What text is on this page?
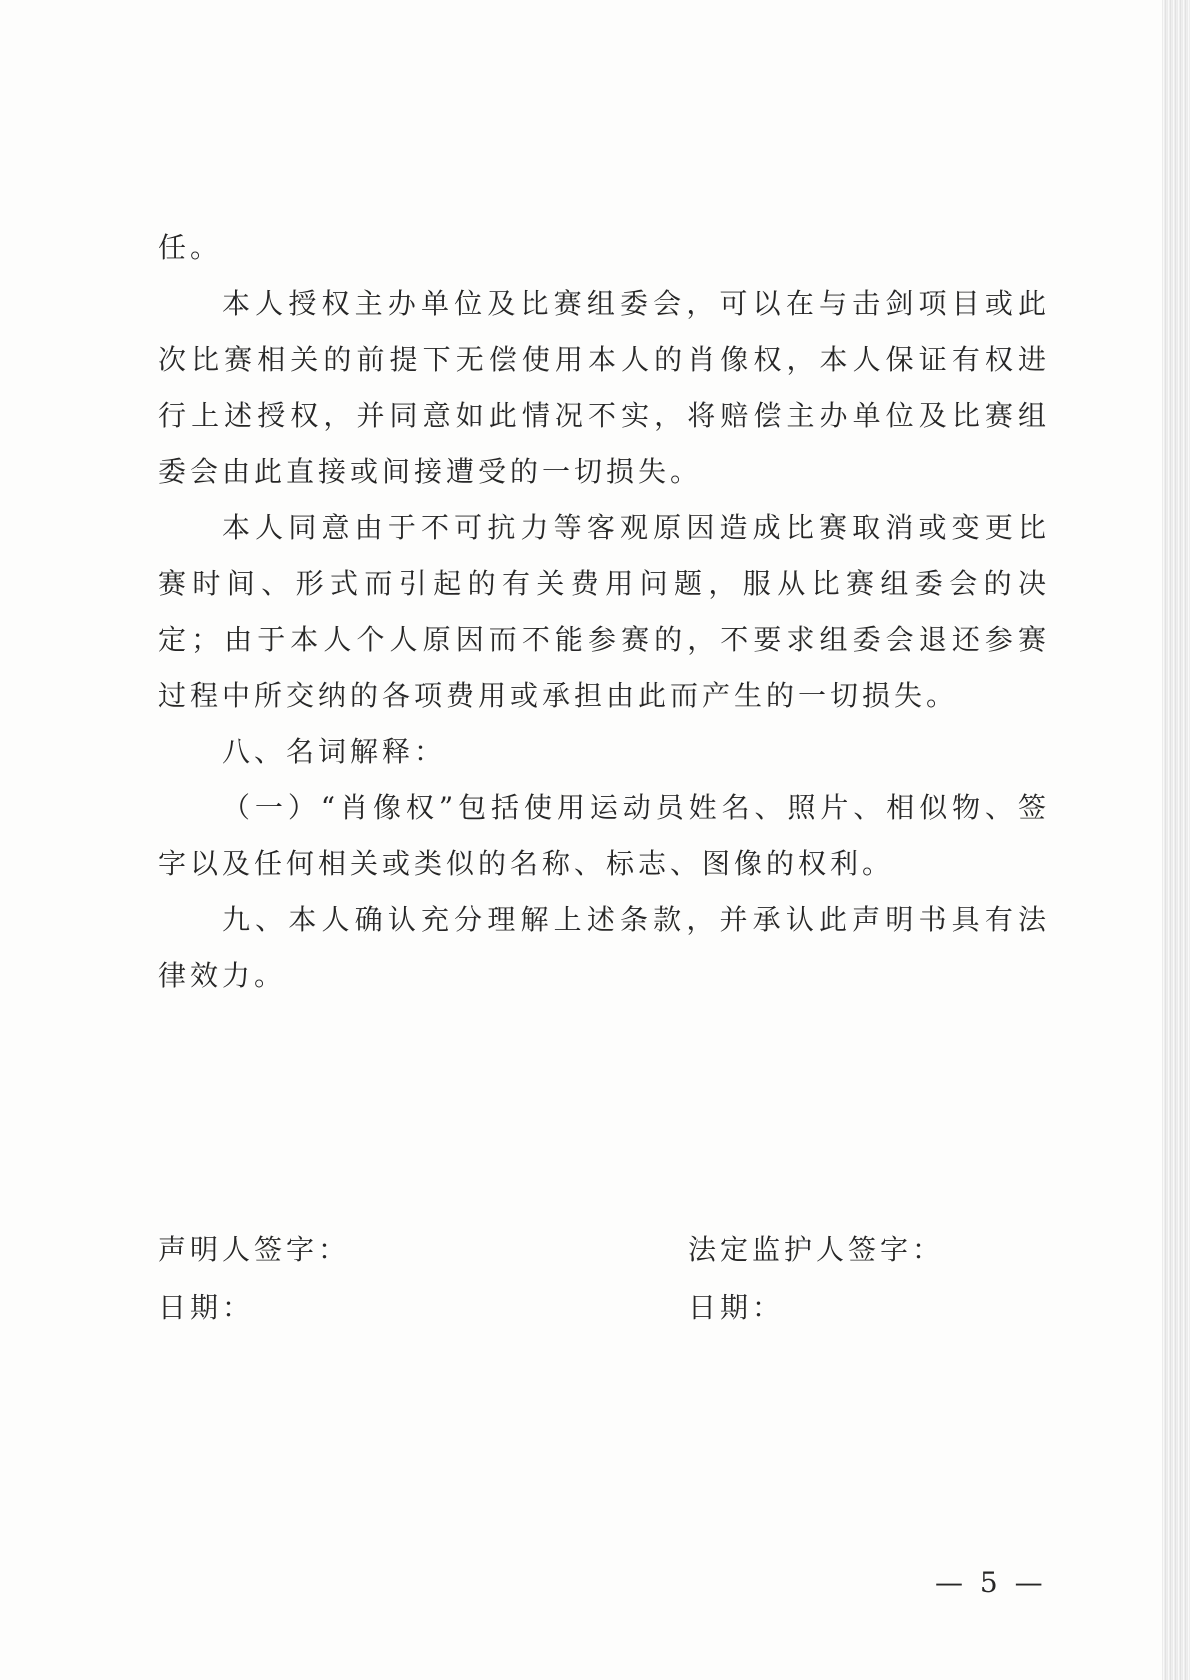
任。

本人授权主办单位及比赛组委会，可以在与击剑项目或此次比赛相关的前提下无偿使用本人的肖像权，本人保证有权进行上述授权，并同意如此情况不实，将赔偿主办单位及比赛组委会由此直接或间接遭受的一切损失。

本人同意由于不可抗力等客观原因造成比赛取消或变更比赛时间、形式而引起的有关费用问题，服从比赛组委会的决定；由于本人个人原因而不能参赛的，不要求组委会退还参赛过程中所交纳的各项费用或承担由此而产生的一切损失。

八、名词解释：

（一）“肖像权”包括使用运动员姓名、照片、相似物、签字以及任何相关或类似的名称、标志、图像的权利。

九、本人确认充分理解上述条款，并承认此声明书具有法律效力。

声明人签字：	法定监护人签字：
日期：	日期：
— 5 —
